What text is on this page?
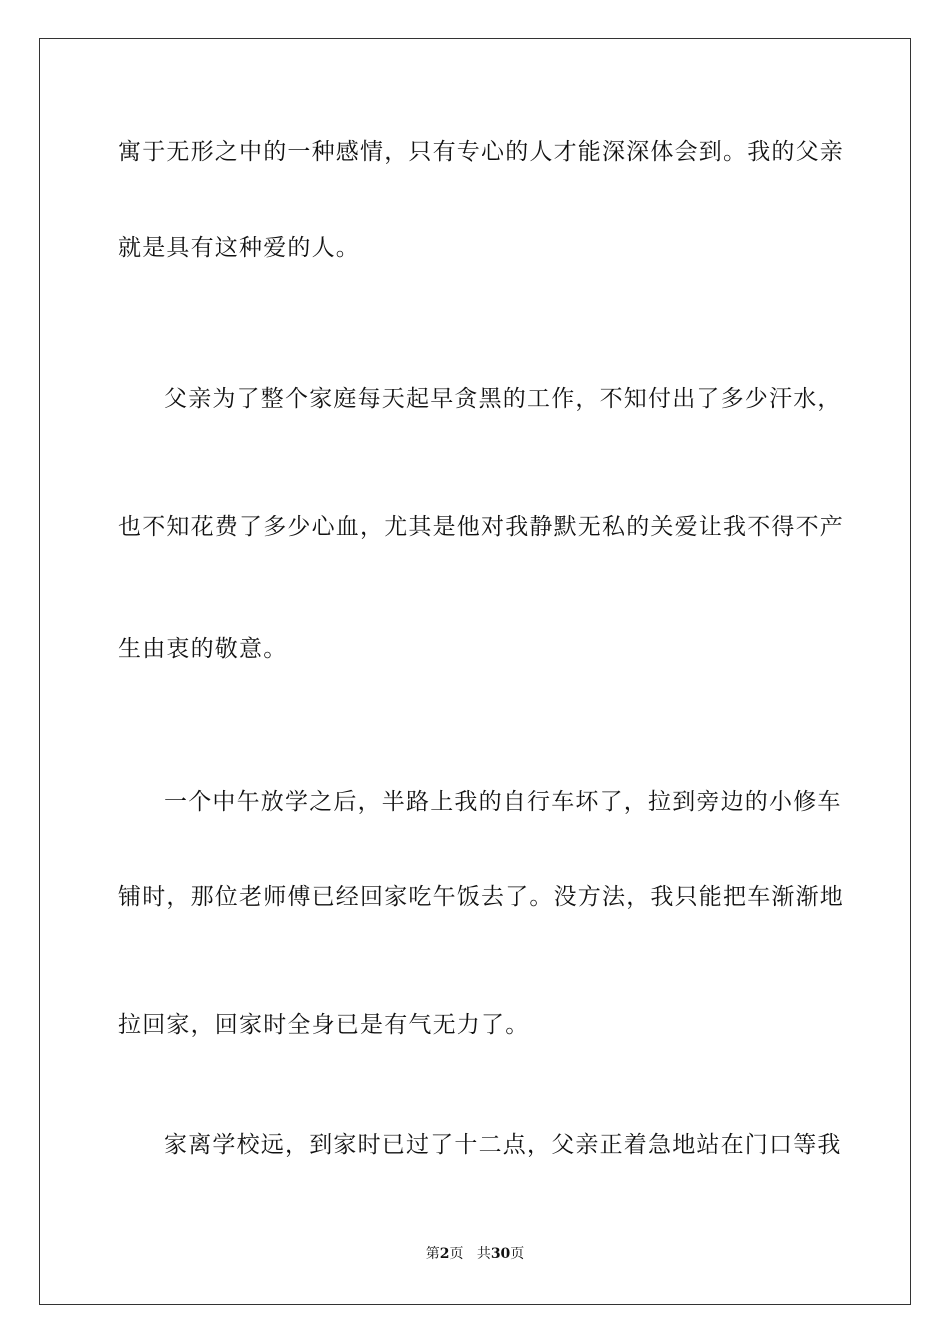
寓于无形之中的一种感情，只有专心的人才能深深体会到。我的父亲
就是具有这种爱的人。
父亲为了整个家庭每天起早贪黑的工作，不知付出了多少汗水，
也不知花费了多少心血，尤其是他对我静默无私的关爱让我不得不产
生由衷的敬意。
一个中午放学之后，半路上我的自行车坏了，拉到旁边的小修车
铺时，那位老师傅已经回家吃午饭去了。没方法，我只能把车渐渐地
拉回家，回家时全身已是有气无力了。
家离学校远，到家时已过了十二点，父亲正着急地站在门口等我
第2页 共30页
